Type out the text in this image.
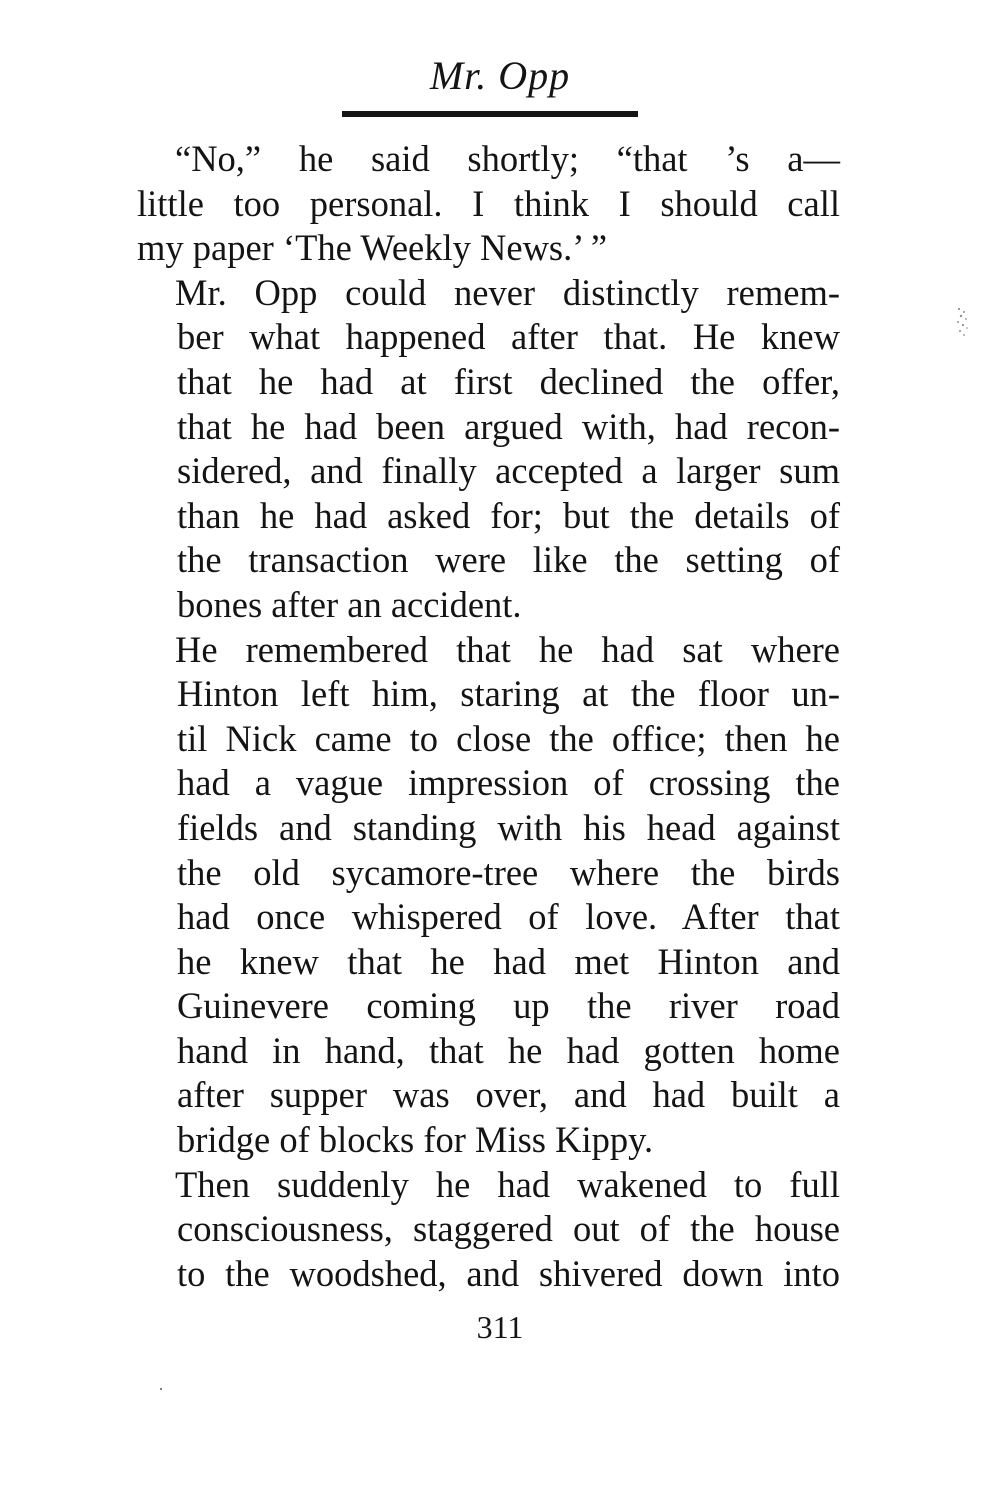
Mr. Opp

“No,” he said shortly; “that ’s a—
little too personal. I think I should call
my paper ‘The Weekly News.’ ”

Mr. Opp could never distinctly remem-
ber what happened after that. He knew
that he had at first declined the offer,
that he had been argued with, had recon-
sidered, and finally accepted a larger sum
than he had asked for; but the details of
the transaction were like the setting of
bones after an accident.

He remembered that he had sat where
Hinton left him, staring at the floor un-
til Nick came to close the office; then he
had a vague impression of crossing the
fields and standing with his head against
the old sycamore-tree where the birds
had once whispered of love. After that
he knew that he had met Hinton and
Guinevere coming up the river road
hand in hand, that he had gotten home
after supper was over, and had built a
bridge of blocks for Miss Kippy.

Then suddenly he had wakened to full
consciousness, staggered out of the house
to the woodshed, and shivered down into

311
